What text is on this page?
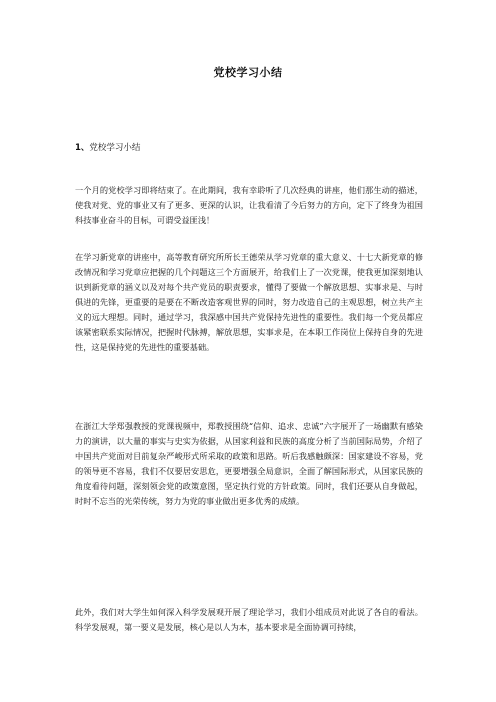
党校学习小结
1、党校学习小结
一个月的党校学习即将结束了。在此期间，我有幸聆听了几次经典的讲座，他们那生动的描述，使我对党、党的事业又有了更多、更深的认识，让我看清了今后努力的方向，定下了终身为祖国科技事业奋斗的目标，可谓受益匪浅！
在学习新党章的讲座中，高等教育研究所所长王德荣从学习党章的重大意义、十七大新党章的修改情况和学习党章应把握的几个问题这三个方面展开，给我们上了一次党课，使我更加深刻地认识到新党章的涵义以及对每个共产党员的职责要求，懂得了要做一个解放思想、实事求是、与时俱进的先锋，更重要的是要在不断改造客观世界的同时，努力改造自己的主观思想，树立共产主义的远大理想。同时，通过学习，我深感中国共产党保持先进性的重要性。我们每一个党员都应该紧密联系实际情况，把握时代脉搏，解放思想，实事求是，在本职工作岗位上保持自身的先进性，这是保持党的先进性的重要基础。
在浙江大学郑强教授的党课视频中，郑教授围绕“信仰、追求、忠诚”六字展开了一场幽默有感染力的演讲，以大量的事实与史实为依据，从国家利益和民族的高度分析了当前国际局势，介绍了中国共产党面对目前复杂严峻形式所采取的政策和思路。听后我感触颇深：国家建设不容易，党的领导更不容易，我们不仅要居安思危，更要增强全局意识，全面了解国际形式，从国家民族的角度看待问题，深刻领会党的政策意图，坚定执行党的方针政策。同时，我们还要从自身做起，时时不忘当的光荣传统，努力为党的事业做出更多优秀的成绩。
此外，我们对大学生如何深入科学发展观开展了理论学习，我们小组成员对此说了各自的看法。科学发展观，第一要义是发展，核心是以人为本，基本要求是全面协调可持续，
